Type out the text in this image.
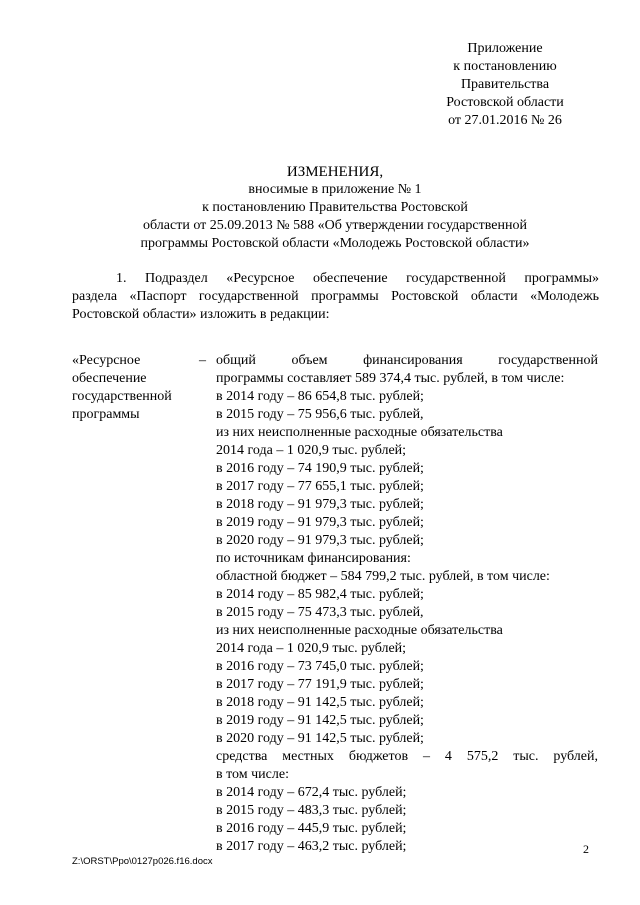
Приложение
к постановлению
Правительства
Ростовской области
от 27.01.2016 № 26
ИЗМЕНЕНИЯ,
вносимые в приложение № 1
к постановлению Правительства Ростовской
области от 25.09.2013 № 588 «Об утверждении государственной
программы Ростовской области «Молодежь Ростовской области»
1. Подраздел «Ресурсное обеспечение государственной программы»
раздела «Паспорт государственной программы Ростовской области «Молодежь
Ростовской области» изложить в редакции:
«Ресурсное
обеспечение
государственной
программы
– общий объем финансирования государственной
программы составляет 589 374,4 тыс. рублей, в том числе:
в 2014 году – 86 654,8 тыс. рублей;
в 2015 году – 75 956,6 тыс. рублей,
из них неисполненные расходные обязательства
2014 года – 1 020,9 тыс. рублей;
в 2016 году – 74 190,9 тыс. рублей;
в 2017 году – 77 655,1 тыс. рублей;
в 2018 году – 91 979,3 тыс. рублей;
в 2019 году – 91 979,3 тыс. рублей;
в 2020 году – 91 979,3 тыс. рублей;
по источникам финансирования:
областной бюджет – 584 799,2 тыс. рублей, в том числе:
в 2014 году – 85 982,4 тыс. рублей;
в 2015 году – 75 473,3 тыс. рублей,
из них неисполненные расходные обязательства
2014 года – 1 020,9 тыс. рублей;
в 2016 году – 73 745,0 тыс. рублей;
в 2017 году – 77 191,9 тыс. рублей;
в 2018 году – 91 142,5 тыс. рублей;
в 2019 году – 91 142,5 тыс. рублей;
в 2020 году – 91 142,5 тыс. рублей;
средства местных бюджетов – 4 575,2 тыс. рублей,
в том числе:
в 2014 году – 672,4 тыс. рублей;
в 2015 году – 483,3 тыс. рублей;
в 2016 году – 445,9 тыс. рублей;
в 2017 году – 463,2 тыс. рублей;	2
Z:\ORST\Ppo\0127p026.f16.docx
